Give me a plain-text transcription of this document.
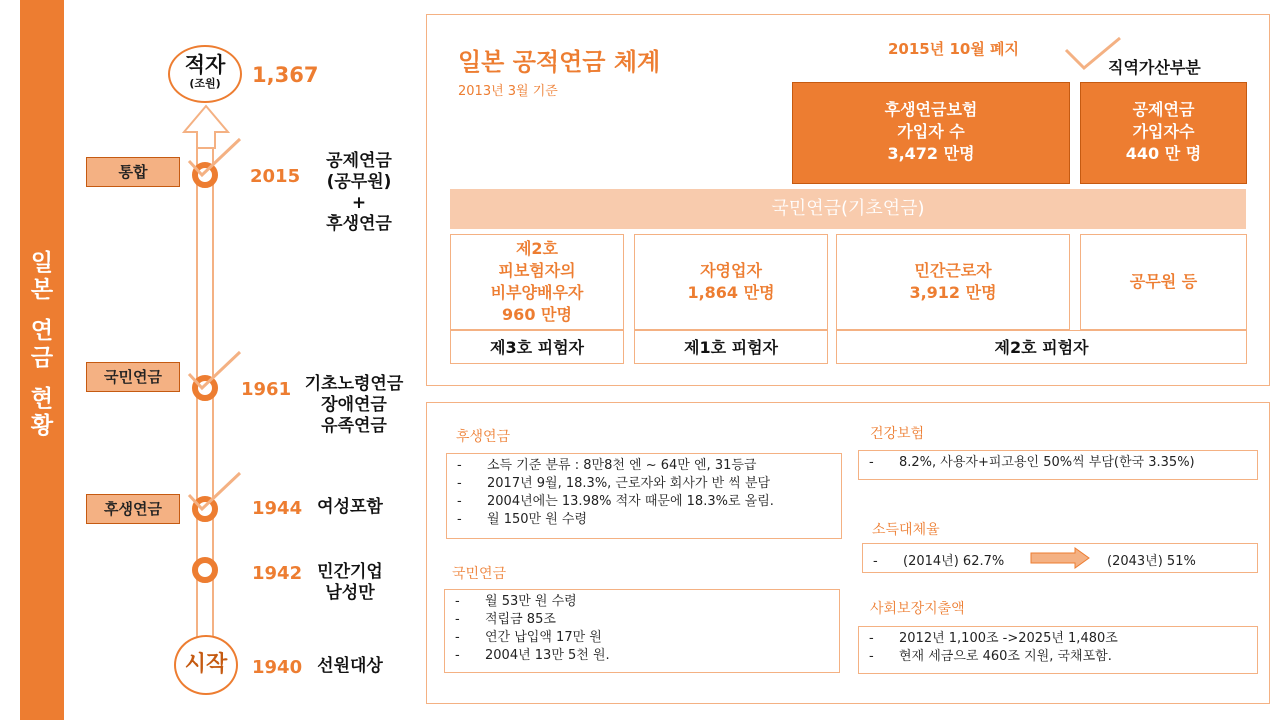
일본
연금
현황
적자
(조원)	1,367
통합	2015
공제연금
(공무원)
+
후생연금
국민연금
1961 기초노령연금
장애연금
유족연금
후생연금	1944 여성포함
1942 민간기업
남성만
시작	1940 선원대상
일본 공적연금 체계
2013년 3월 기준
2015년 10월 폐지
직역가산부분
후생연금보험
가입자 수
3,472 만명
공제연금
가입자수
440 만 명
국민연금(기초연금)
제2호
피보험자의
비부양배우자
960 만명
자영업자
1,864 만명
민간근로자
3,912 만명
공무원 등
제3호 피험자	제1호 피험자	제2호 피험자
후생연금
- 소득 기준 분류 : 8만8천 엔 ~ 64만 엔, 31등급
- 2017년 9월, 18.3%, 근로자와 회사가 반 씩 분담
- 2004년에는 13.98% 적자 때문에 18.3%로 올림.
- 월 150만 원 수령
국민연금
- 월 53만 원 수령
- 적립금 85조
- 연간 납입액 17만 원
- 2004년 13만 5천 원.
건강보험
- 8.2%, 사용자+피고용인 50%씩 부담(한국 3.35%)
소득대체율
- (2014년) 62.7%	(2043년) 51%
사회보장지출액
- 2012년 1,100조 ->2025년 1,480조
- 현재 세금으로 460조 지원, 국채포함.
